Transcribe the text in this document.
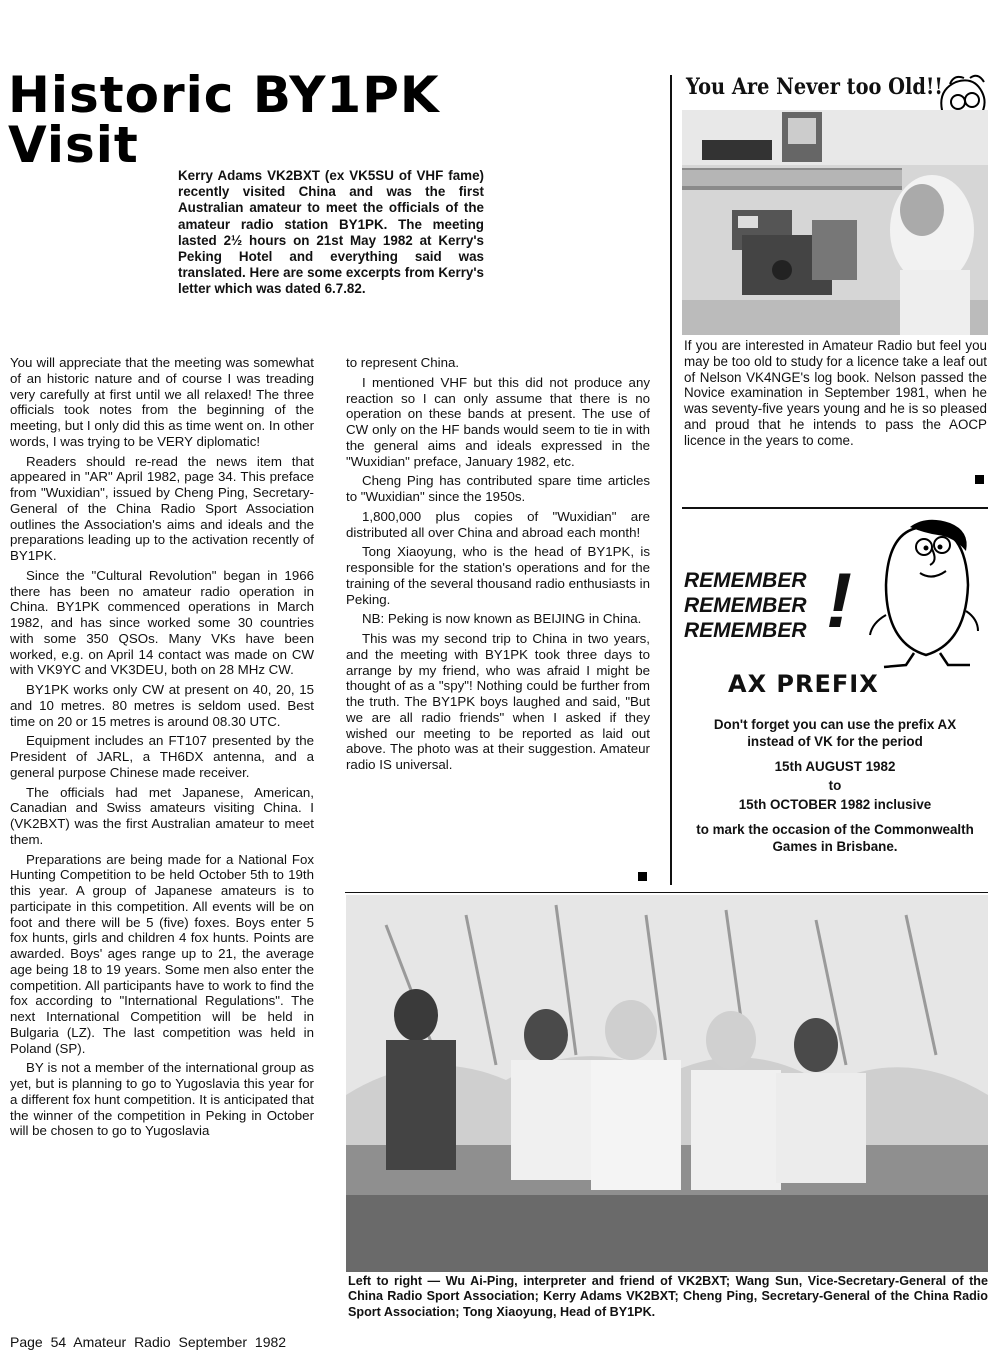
Historic BY1PK
Visit
Kerry Adams VK2BXT (ex VK5SU of VHF fame) recently visited China and was the first Australian amateur to meet the officials of the amateur radio station BY1PK. The meeting lasted 2½ hours on 21st May 1982 at Kerry's Peking Hotel and everything said was translated. Here are some excerpts from Kerry's letter which was dated 6.7.82.

You will appreciate that the meeting was somewhat of an historic nature and of course I was treading very carefully at first until we all relaxed! The three officials took notes from the beginning of the meeting, but I only did this as time went on. In other words, I was trying to be VERY diplomatic!

Readers should re-read the news item that appeared in "AR" April 1982, page 34. This preface from "Wuxidian", issued by Cheng Ping, Secretary-General of the China Radio Sport Association outlines the Association's aims and ideals and the preparations leading up to the activation recently of BY1PK.

Since the "Cultural Revolution" began in 1966 there has been no amateur radio operation in China. BY1PK commenced operations in March 1982, and has since worked some 30 countries with some 350 QSOs. Many VKs have been worked, e.g. on April 14 contact was made on CW with VK9YC and VK3DEU, both on 28 MHz CW.

BY1PK works only CW at present on 40, 20, 15 and 10 metres. 80 metres is seldom used. Best time on 20 or 15 metres is around 08.30 UTC.

Equipment includes an FT107 presented by the President of JARL, a TH6DX antenna, and a general purpose Chinese made receiver.

The officials had met Japanese, American, Canadian and Swiss amateurs visiting China. I (VK2BXT) was the first Australian amateur to meet them.

Preparations are being made for a National Fox Hunting Competition to be held October 5th to 19th this year. A group of Japanese amateurs is to participate in this competition. All events will be on foot and there will be 5 (five) foxes. Boys enter 5 fox hunts, girls and children 4 fox hunts. Points are awarded. Boys' ages range up to 21, the average age being 18 to 19 years. Some men also enter the competition. All participants have to work to find the fox according to "International Regulations". The next International Competition will be held in Bulgaria (LZ). The last competition was held in Poland (SP).

BY is not a member of the international group as yet, but is planning to go to Yugoslavia this year for a different fox hunt competition. It is anticipated that the winner of the competition in Peking in October will be chosen to go to Yugoslavia

to represent China.

I mentioned VHF but this did not produce any reaction so I can only assume that there is no operation on these bands at present. The use of CW only on the HF bands would seem to tie in with the general aims and ideals expressed in the "Wuxidian" preface, January 1982, etc.

Cheng Ping has contributed spare time articles to "Wuxidian" since the 1950s.

1,800,000 plus copies of "Wuxidian" are distributed all over China and abroad each month!

Tong Xiaoyung, who is the head of BY1PK, is responsible for the station's operations and for the training of the several thousand radio enthusiasts in Peking.

NB: Peking is now known as BEIJING in China.

This was my second trip to China in two years, and the meeting with BY1PK took three days to arrange by my friend, who was afraid I might be thought of as a "spy"! Nothing could be further from the truth. The BY1PK boys laughed and said, "But we are all radio friends" when I asked if they wished our meeting to be reported as laid out above. The photo was at their suggestion. Amateur radio IS universal.

You Are Never too Old!!
If you are interested in Amateur Radio but feel you may be too old to study for a licence take a leaf out of Nelson VK4NGE's log book. Nelson passed the Novice examination in September 1981, when he was seventy-five years young and he is so pleased and proud that he intends to pass the AOCP licence in the years to come.
REMEMBER
REMEMBER
REMEMBER !
AX PREFIX

Don't forget you can use the prefix AX instead of VK for the period

15th AUGUST 1982

to

15th OCTOBER 1982 inclusive

to mark the occasion of the Commonwealth Games in Brisbane.

Left to right — Wu Ai-Ping, interpreter and friend of VK2BXT; Wang Sun, Vice-Secretary-General of the China Radio Sport Association; Kerry Adams VK2BXT; Cheng Ping, Secretary-General of the China Radio Sport Association; Tong Xiaoyung, Head of BY1PK.
Page 54 Amateur Radio September 1982
